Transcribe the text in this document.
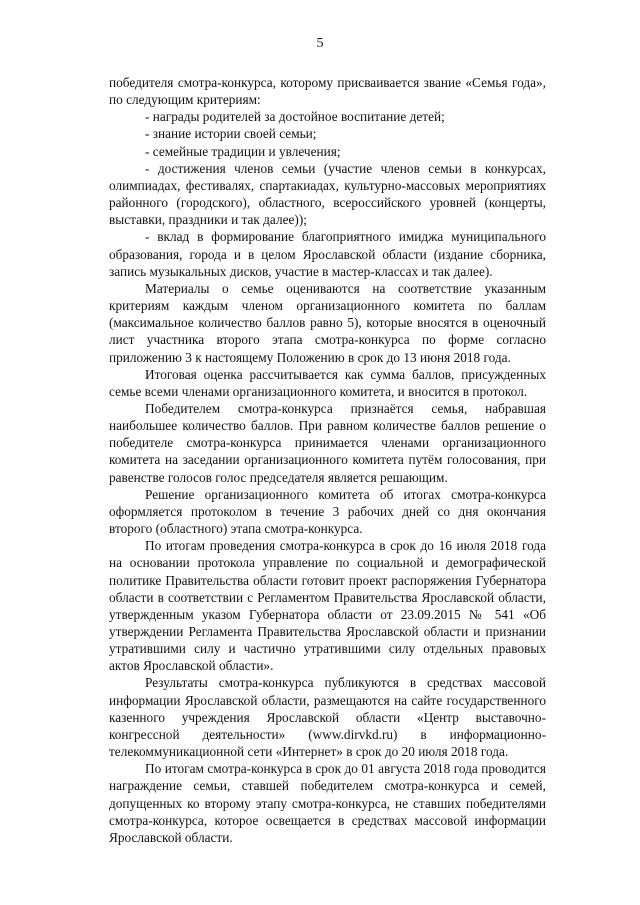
5

победителя смотра-конкурса, которому присваивается звание «Семья года», по следующим критериям:

- награды родителей за достойное воспитание детей;

- знание истории своей семьи;

- семейные традиции и увлечения;

- достижения членов семьи (участие членов семьи в конкурсах, олимпиадах, фестивалях, спартакиадах, культурно-массовых мероприятиях районного (городского), областного, всероссийского уровней (концерты, выставки, праздники и так далее));

- вклад в формирование благоприятного имиджа муниципального образования, города и в целом Ярославской области (издание сборника, запись музыкальных дисков, участие в мастер-классах и так далее).

Материалы о семье оцениваются на соответствие указанным критериям каждым членом организационного комитета по баллам (максимальное количество баллов равно 5), которые вносятся в оценочный лист участника второго этапа смотра-конкурса по форме согласно приложению 3 к настоящему Положению в срок до 13 июня 2018 года.

Итоговая оценка рассчитывается как сумма баллов, присужденных семье всеми членами организационного комитета, и вносится в протокол.

Победителем смотра-конкурса признаётся семья, набравшая наибольшее количество баллов. При равном количестве баллов решение о победителе смотра-конкурса принимается членами организационного комитета на заседании организационного комитета путём голосования, при равенстве голосов голос председателя является решающим.

Решение организационного комитета об итогах смотра-конкурса оформляется протоколом в течение 3 рабочих дней со дня окончания второго (областного) этапа смотра-конкурса.

По итогам проведения смотра-конкурса в срок до 16 июля 2018 года на основании протокола управление по социальной и демографической политике Правительства области готовит проект распоряжения Губернатора области в соответствии с Регламентом Правительства Ярославской области, утвержденным указом Губернатора области от 23.09.2015 № 541 «Об утверждении Регламента Правительства Ярославской области и признании утратившими силу и частично утратившими силу отдельных правовых актов Ярославской области».

Результаты смотра-конкурса публикуются в средствах массовой информации Ярославской области, размещаются на сайте государственного казенного учреждения Ярославской области «Центр выставочно-конгрессной деятельности» (www.dirvkd.ru) в информационно-телекоммуникационной сети «Интернет» в срок до 20 июля 2018 года.

По итогам смотра-конкурса в срок до 01 августа 2018 года проводится награждение семьи, ставшей победителем смотра-конкурса и семей, допущенных ко второму этапу смотра-конкурса, не ставших победителями смотра-конкурса, которое освещается в средствах массовой информации Ярославской области.
